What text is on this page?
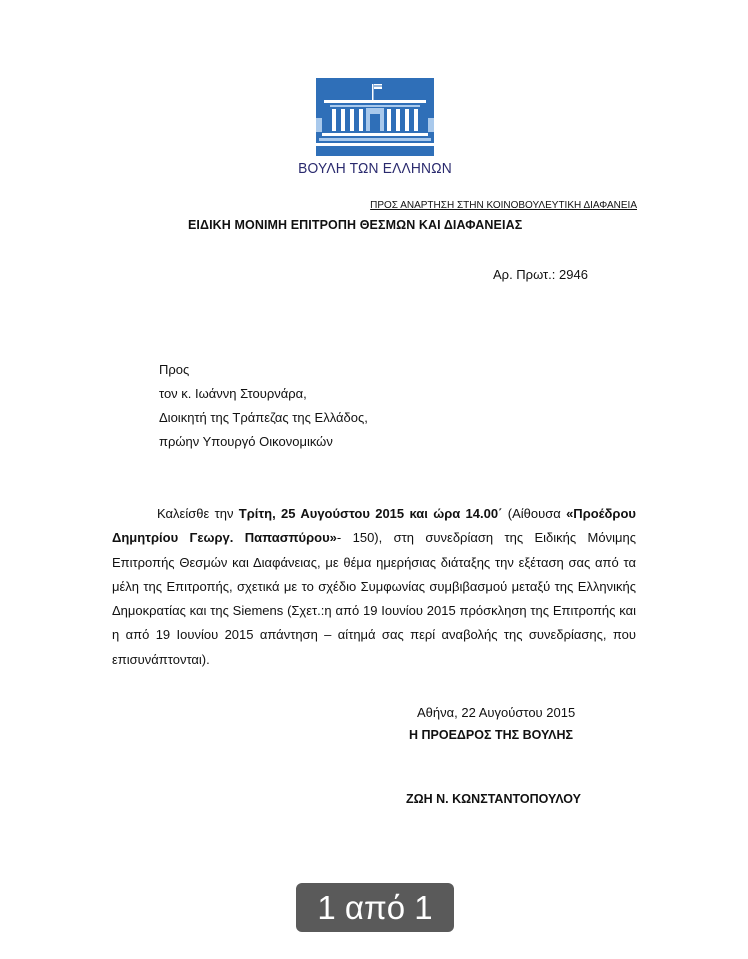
ΒΟΥΛΗ ΤΩΝ ΕΛΛΗΝΩΝ
ΠΡΟΣ ΑΝΑΡΤΗΣΗ ΣΤΗΝ ΚΟΙΝΟΒΟΥΛΕΥΤΙΚΗ ΔΙΑΦΑΝΕΙΑ
ΕΙΔΙΚΗ ΜΟΝΙΜΗ ΕΠΙΤΡΟΠΗ ΘΕΣΜΩΝ ΚΑΙ ΔΙΑΦΑΝΕΙΑΣ
Αρ. Πρωτ.: 2946
Προς
τον κ. Ιωάννη Στουρνάρα,
Διοικητή της Τράπεζας της Ελλάδος,
πρώην Υπουργό Οικονομικών
Καλείσθε την Τρίτη, 25 Αυγούστου 2015 και ώρα 14.00΄ (Αίθουσα «Προέδρου Δημητρίου Γεωργ. Παπασπύρου»- 150), στη συνεδρίαση της Ειδικής Μόνιμης Επιτροπής Θεσμών και Διαφάνειας, με θέμα ημερήσιας διάταξης την εξέταση σας από τα μέλη της Επιτροπής, σχετικά με το σχέδιο Συμφωνίας συμβιβασμού μεταξύ της Ελληνικής Δημοκρατίας και της Siemens (Σχετ.:η από 19 Ιουνίου 2015 πρόσκληση της Επιτροπής και η από 19 Ιουνίου 2015 απάντηση – αίτημά σας περί αναβολής της συνεδρίασης, που επισυνάπτονται).
Αθήνα, 22 Αυγούστου 2015
Η ΠΡΟΕΔΡΟΣ ΤΗΣ ΒΟΥΛΗΣ
ΖΩΗ Ν. ΚΩΝΣΤΑΝΤΟΠΟΥΛΟΥ
1 από 1
